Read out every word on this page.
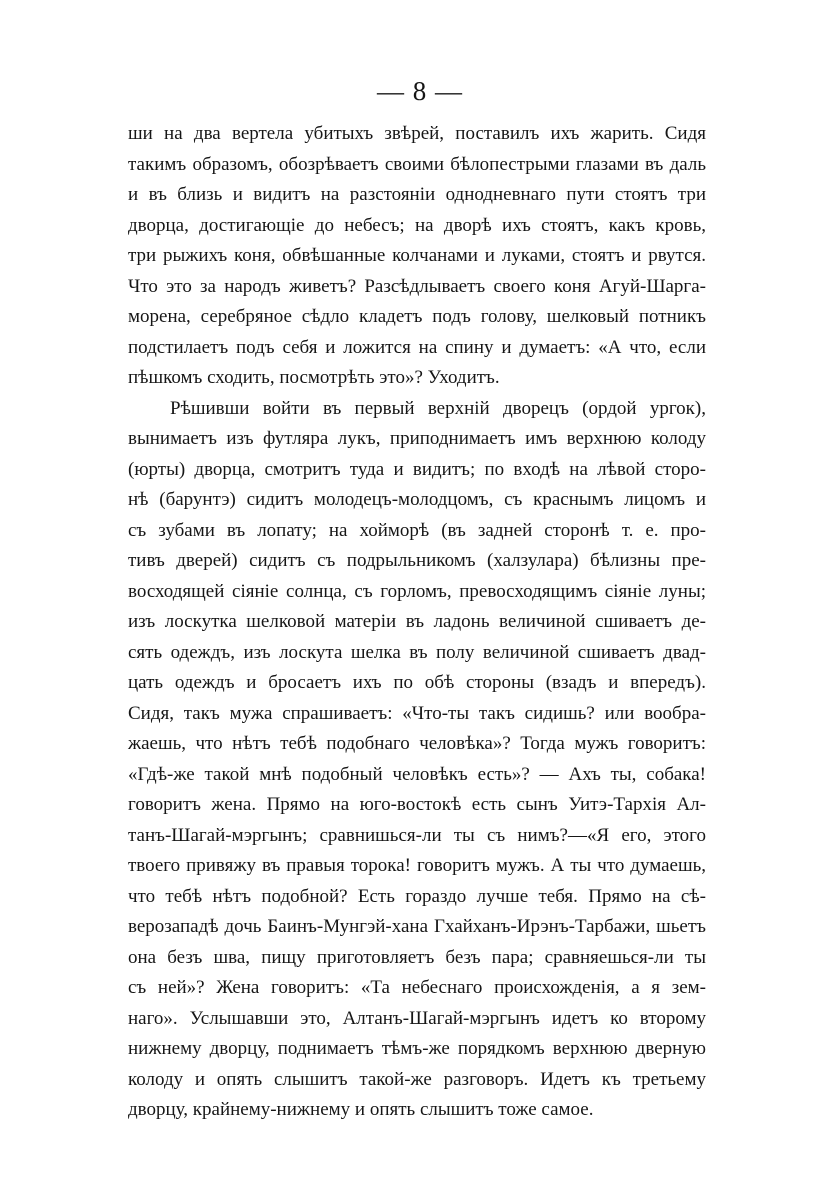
— 8 —
ши на два вертела убитыхъ звѣрей, поставилъ ихъ жарить. Сидя
такимъ образомъ, обозрѣваетъ своими бѣлопестрыми глазами въ даль
и въ близь и видитъ на разстояніи однодневнаго пути стоятъ три
дворца, достигающіе до небесъ; на дворѣ ихъ стоятъ, какъ кровь,
три рыжихъ коня, обвѣшанные колчанами и луками, стоятъ и рвутся.
Что это за народъ живетъ? Разсѣдлываетъ своего коня Агуй-Шарга-
морена, серебряное сѣдло кладетъ подъ голову, шелковый потникъ
подстилаетъ подъ себя и ложится на спину и думаетъ: «А что, если
пѣшкомъ сходить, посмотрѣть это»? Уходитъ.
Рѣшивши войти въ первый верхній дворецъ (ордой ургок),
вынимаетъ изъ футляра лукъ, приподнимаетъ имъ верхнюю колоду
(юрты) дворца, смотритъ туда и видитъ; по входѣ на лѣвой сторо-
нѣ (барунтэ) сидитъ молодецъ-молодцомъ, съ краснымъ лицомъ и
съ зубами въ лопату; на хойморѣ (въ задней сторонѣ т. е. про-
тивъ дверей) сидитъ съ подрыльникомъ (халзулара) бѣлизны пре-
восходящей сіяніе солнца, съ горломъ, превосходящимъ сіяніе луны;
изъ лоскутка шелковой матеріи въ ладонь величиной сшиваетъ де-
сять одеждъ, изъ лоскута шелка въ полу величиной сшиваетъ двад-
цать одеждъ и бросаетъ ихъ по обѣ стороны (взадъ и впередъ).
Сидя, такъ мужа спрашиваетъ: «Что-ты такъ сидишь? или вообра-
жаешь, что нѣтъ тебѣ подобнаго человѣка»? Тогда мужъ говоритъ:
«Гдѣ-же такой мнѣ подобный человѣкъ есть»? — Ахъ ты, собака!
говоритъ жена. Прямо на юго-востокѣ есть сынъ Уитэ-Тархія Ал-
танъ-Шагай-мэргынъ; сравнишься-ли ты съ нимъ?—«Я его, этого
твоего привяжу въ правыя торока! говоритъ мужъ. А ты что думаешь,
что тебѣ нѣтъ подобной? Есть гораздо лучше тебя. Прямо на сѣ-
верозападѣ дочь Баинъ-Мунгэй-хана Гхайханъ-Ирэнъ-Тарбажи, шьетъ
она безъ шва, пищу приготовляетъ безъ пара; сравняешься-ли ты
съ ней»? Жена говоритъ: «Та небеснаго происхожденія, а я зем-
наго». Услышавши это, Алтанъ-Шагай-мэргынъ идетъ ко второму
нижнему дворцу, поднимаетъ тѣмъ-же порядкомъ верхнюю дверную
колоду и опять слышитъ такой-же разговоръ. Идетъ къ третьему
дворцу, крайнему-нижнему и опять слышитъ тоже самое.
